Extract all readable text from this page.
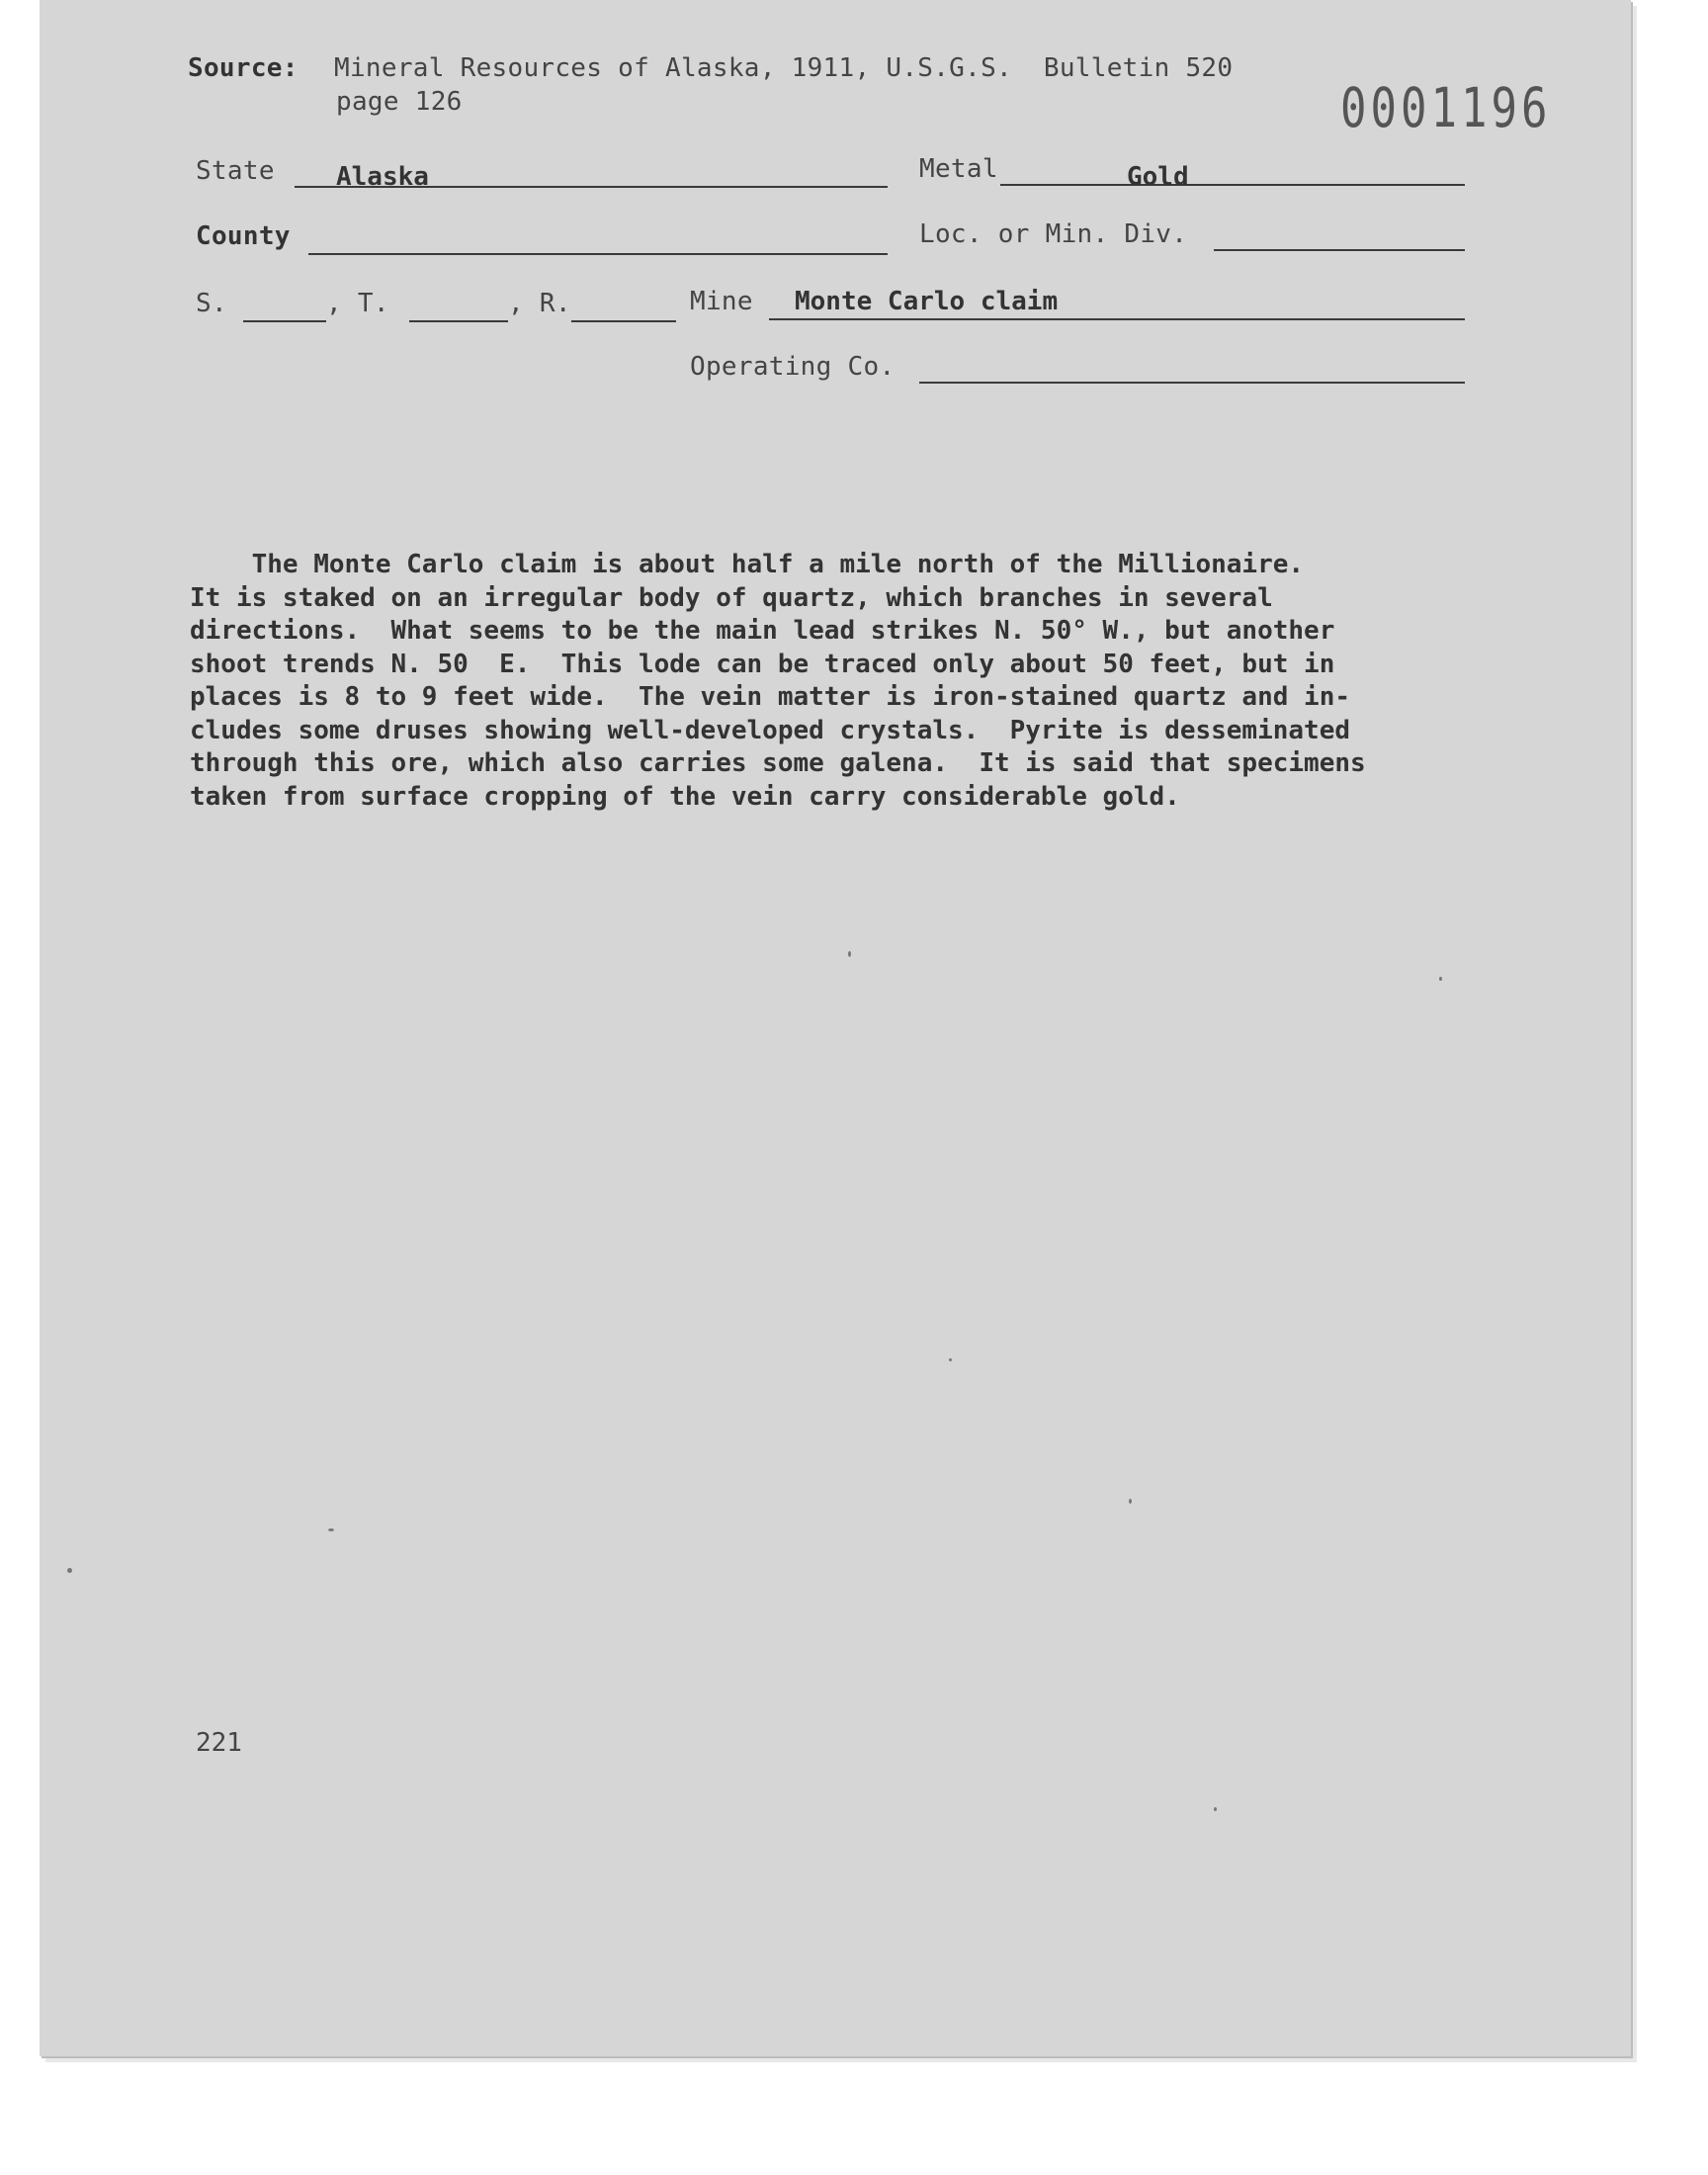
Source: Mineral Resources of Alaska, 1911, U.S.G.S.  Bulletin 520
page 126	0001196
State Alaska	Metal	Gold
County	Loc. or Min. Div.
S.	, T.	, R.	Mine Monte Carlo claim
Operating Co.

The Monte Carlo claim is about half a mile north of the Millionaire.

It is staked on an irregular body of quartz, which branches in several

directions.  What seems to be the main lead strikes N. 50° W., but another

shoot trends N. 50  E.  This lode can be traced only about 50 feet, but in

places is 8 to 9 feet wide.  The vein matter is iron-stained quartz and in-

cludes some druses showing well-developed crystals.  Pyrite is desseminated

through this ore, which also carries some galena.  It is said that specimens

taken from surface cropping of the vein carry considerable gold.

221
